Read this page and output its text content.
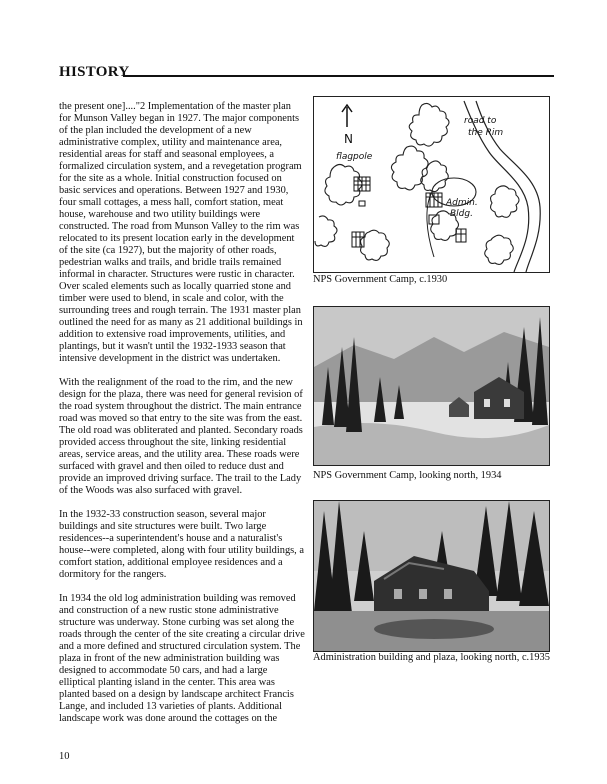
HISTORY

the present one]...."2 Implementation of the master plan for Munson Valley began in 1927. The major components of the plan included the development of a new administrative complex, utility and maintenance area, residential areas for staff and seasonal employees, a formalized circulation system, and a revegetation program for the site as a whole. Initial construction focused on basic services and operations. Between 1927 and 1930, four small cottages, a mess hall, comfort station, meat house, warehouse and two utility buildings were constructed. The road from Munson Valley to the rim was relocated to its present location early in the development of the site (ca 1927), but the majority of other roads, pedestrian walks and trails, and bridle trails remained informal in character. Structures were rustic in character. Over scaled elements such as locally quarried stone and timber were used to blend, in scale and color, with the surrounding trees and rough terrain. The 1931 master plan outlined the need for as many as 21 additional buildings in addition to extensive road improvements, utilities, and plantings, but it wasn't until the 1932-1933 season that intensive development in the district was undertaken.

With the realignment of the road to the rim, and the new design for the plaza, there was need for general revision of the road system throughout the district. The main entrance road was moved so that entry to the site was from the east. The old road was obliterated and planted. Secondary roads provided access throughout the site, linking residential areas, service areas, and the utility area. These roads were surfaced with gravel and then oiled to reduce dust and provide an improved driving surface. The trail to the Lady of the Woods was also surfaced with gravel.

In the 1932-33 construction season, several major buildings and site structures were built. Two large residences--a superintendent's house and a naturalist's house--were completed, along with four utility buildings, a comfort station, additional employee residences and a dormitory for the rangers.

In 1934 the old log administration building was removed and construction of a new rustic stone administrative structure was underway. Stone curbing was set along the roads through the center of the site creating a circular drive and a more defined and structured circulation system. The plaza in front of the new administration building was designed to accommodate 50 cars, and had a large elliptical planting island in the center. This area was planted based on a design by landscape architect Francis Lange, and included 13 varieties of plants. Additional landscape work was done around the cottages on the

10
N
flagpole
road to
the Rim
Admin.
Bldg.
NPS Government Camp, c.1930
NPS Government Camp, looking north, 1934
Administration building and plaza, looking north, c.1935
